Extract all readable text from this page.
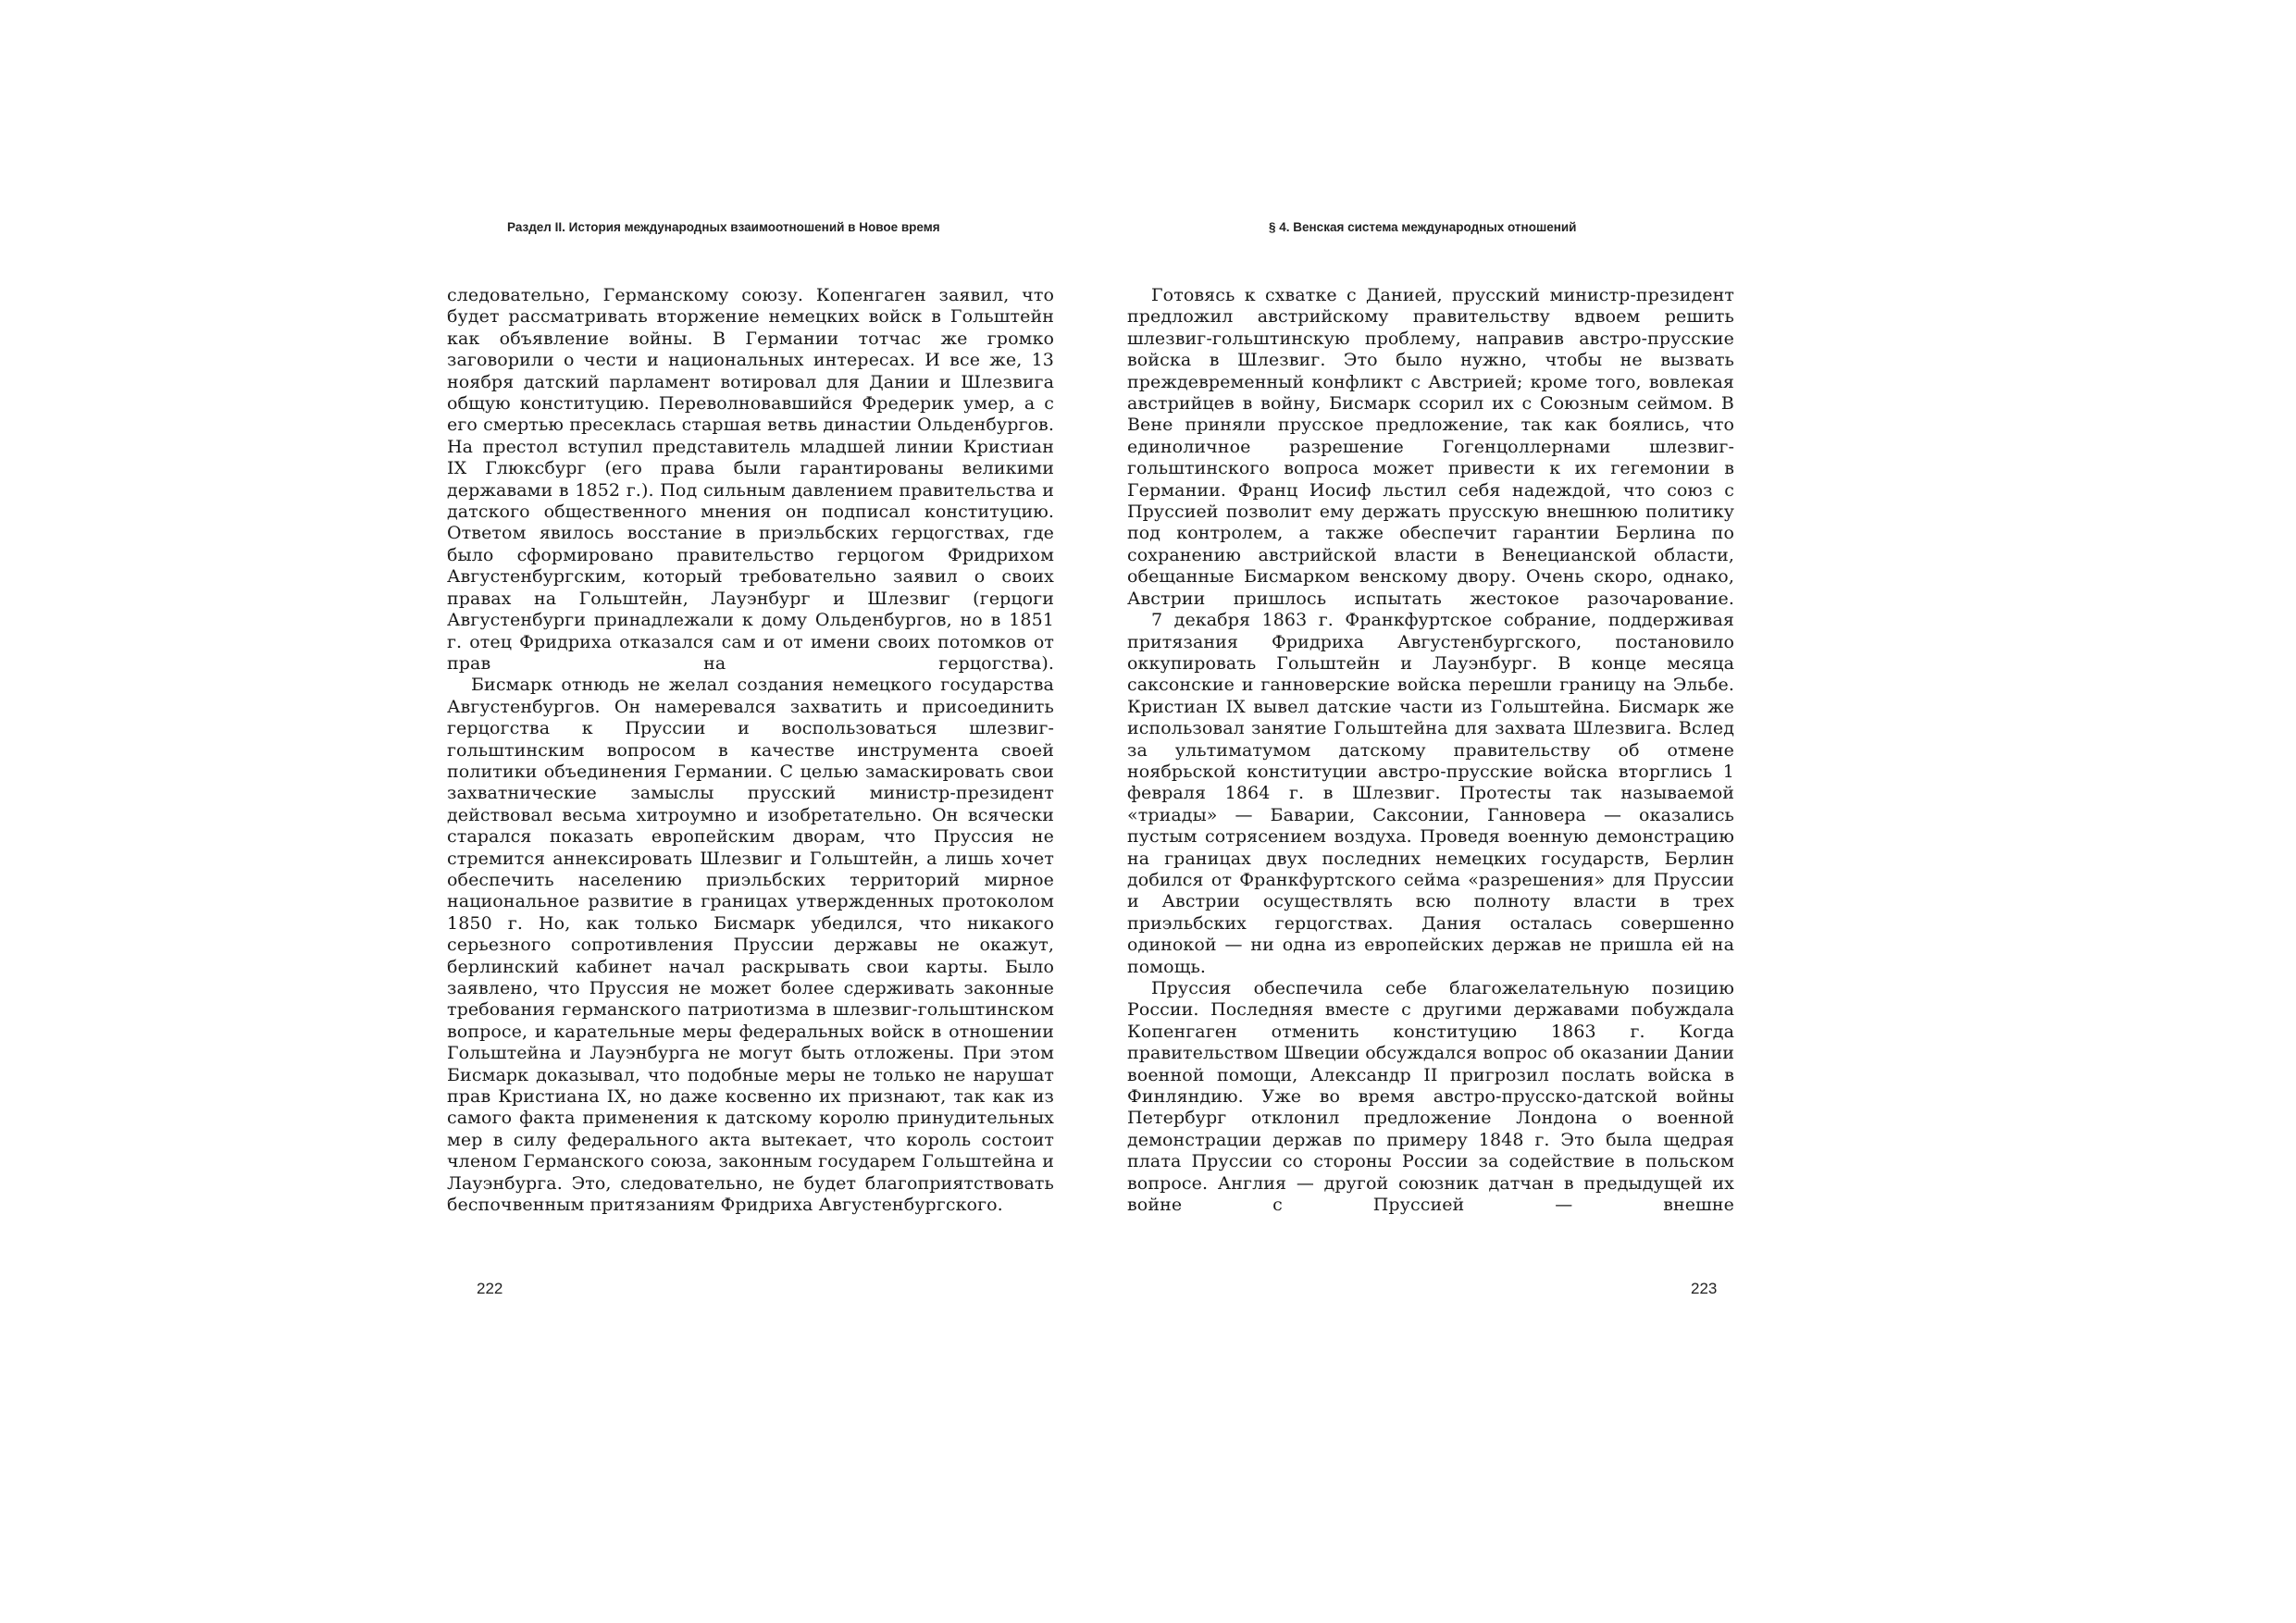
Раздел II. История международных взаимоотношений в Новое время

следовательно, Германскому союзу. Копенгаген заявил, что будет рассматривать вторжение немецких войск в Гольштейн как объявление войны. В Германии тотчас же громко заговорили о чести и национальных интересах. И все же, 13 ноября датский парламент вотировал для Дании и Шлезвига общую конституцию. Переволновавшийся Фредерик умер, а с его смертью пресеклась старшая ветвь династии Ольденбургов. На престол вступил представитель младшей линии Кристиан IX Глюксбург (его права были гарантированы великими державами в 1852 г.). Под сильным давлением правительства и датского общественного мнения он подписал конституцию. Ответом явилось восстание в приэльбских герцогствах, где было сформировано правительство герцогом Фридрихом Августенбургским, который требовательно заявил о своих правах на Гольштейн, Лауэнбург и Шлезвиг (герцоги Августенбурги принадлежали к дому Ольденбургов, но в 1851 г. отец Фридриха отказался сам и от имени своих потомков от прав на герцогства).

Бисмарк отнюдь не желал создания немецкого государства Августенбургов. Он намеревался захватить и присоединить герцогства к Пруссии и воспользоваться шлезвиг-гольштинским вопросом в качестве инструмента своей политики объединения Германии. С целью замаскировать свои захватнические замыслы прусский министр-президент действовал весьма хитроумно и изобретательно. Он всячески старался показать европейским дворам, что Пруссия не стремится аннексировать Шлезвиг и Гольштейн, а лишь хочет обеспечить населению приэльбских территорий мирное национальное развитие в границах утвержденных протоколом 1850 г. Но, как только Бисмарк убедился, что никакого серьезного сопротивления Пруссии державы не окажут, берлинский кабинет начал раскрывать свои карты. Было заявлено, что Пруссия не может более сдерживать законные требования германского патриотизма в шлезвиг-гольштинском вопросе, и карательные меры федеральных войск в отношении Гольштейна и Лауэнбурга не могут быть отложены. При этом Бисмарк доказывал, что подобные меры не только не нарушат прав Кристиана IX, но даже косвенно их признают, так как из самого факта применения к датскому королю принудительных мер в силу федерального акта вытекает, что король состоит членом Германского союза, законным государем Гольштейна и Лауэнбурга. Это, следовательно, не будет благоприятствовать беспочвенным притязаниям Фридриха Августенбургского.

222
§ 4. Венская система международных отношений

Готовясь к схватке с Данией, прусский министр-президент предложил австрийскому правительству вдвоем решить шлезвиг-гольштинскую проблему, направив австро-прусские войска в Шлезвиг. Это было нужно, чтобы не вызвать преждевременный конфликт с Австрией; кроме того, вовлекая австрийцев в войну, Бисмарк ссорил их с Союзным сеймом. В Вене приняли прусское предложение, так как боялись, что единоличное разрешение Гогенцоллернами шлезвиг-гольштинского вопроса может привести к их гегемонии в Германии. Франц Иосиф льстил себя надеждой, что союз с Пруссией позволит ему держать прусскую внешнюю политику под контролем, а также обеспечит гарантии Берлина по сохранению австрийской власти в Венецианской области, обещанные Бисмарком венскому двору. Очень скоро, однако, Австрии пришлось испытать жестокое разочарование.

7 декабря 1863 г. Франкфуртское собрание, поддерживая притязания Фридриха Августенбургского, постановило оккупировать Гольштейн и Лауэнбург. В конце месяца саксонские и ганноверские войска перешли границу на Эльбе. Кристиан IX вывел датские части из Гольштейна. Бисмарк же использовал занятие Гольштейна для захвата Шлезвига. Вслед за ультиматумом датскому правительству об отмене ноябрьской конституции австро-прусские войска вторглись 1 февраля 1864 г. в Шлезвиг. Протесты так называемой «триады» — Баварии, Саксонии, Ганновера — оказались пустым сотрясением воздуха. Проведя военную демонстрацию на границах двух последних немецких государств, Берлин добился от Франкфуртского сейма «разрешения» для Пруссии и Австрии осуществлять всю полноту власти в трех приэльбских герцогствах. Дания осталась совершенно одинокой — ни одна из европейских держав не пришла ей на помощь.

Пруссия обеспечила себе благожелательную позицию России. Последняя вместе с другими державами побуждала Копенгаген отменить конституцию 1863 г. Когда правительством Швеции обсуждался вопрос об оказании Дании военной помощи, Александр II пригрозил послать войска в Финляндию. Уже во время австро-прусско-датской войны Петербург отклонил предложение Лондона о военной демонстрации держав по примеру 1848 г. Это была щедрая плата Пруссии со стороны России за содействие в польском вопросе. Англия — другой союзник датчан в предыдущей их войне с Пруссией — внешне

223
